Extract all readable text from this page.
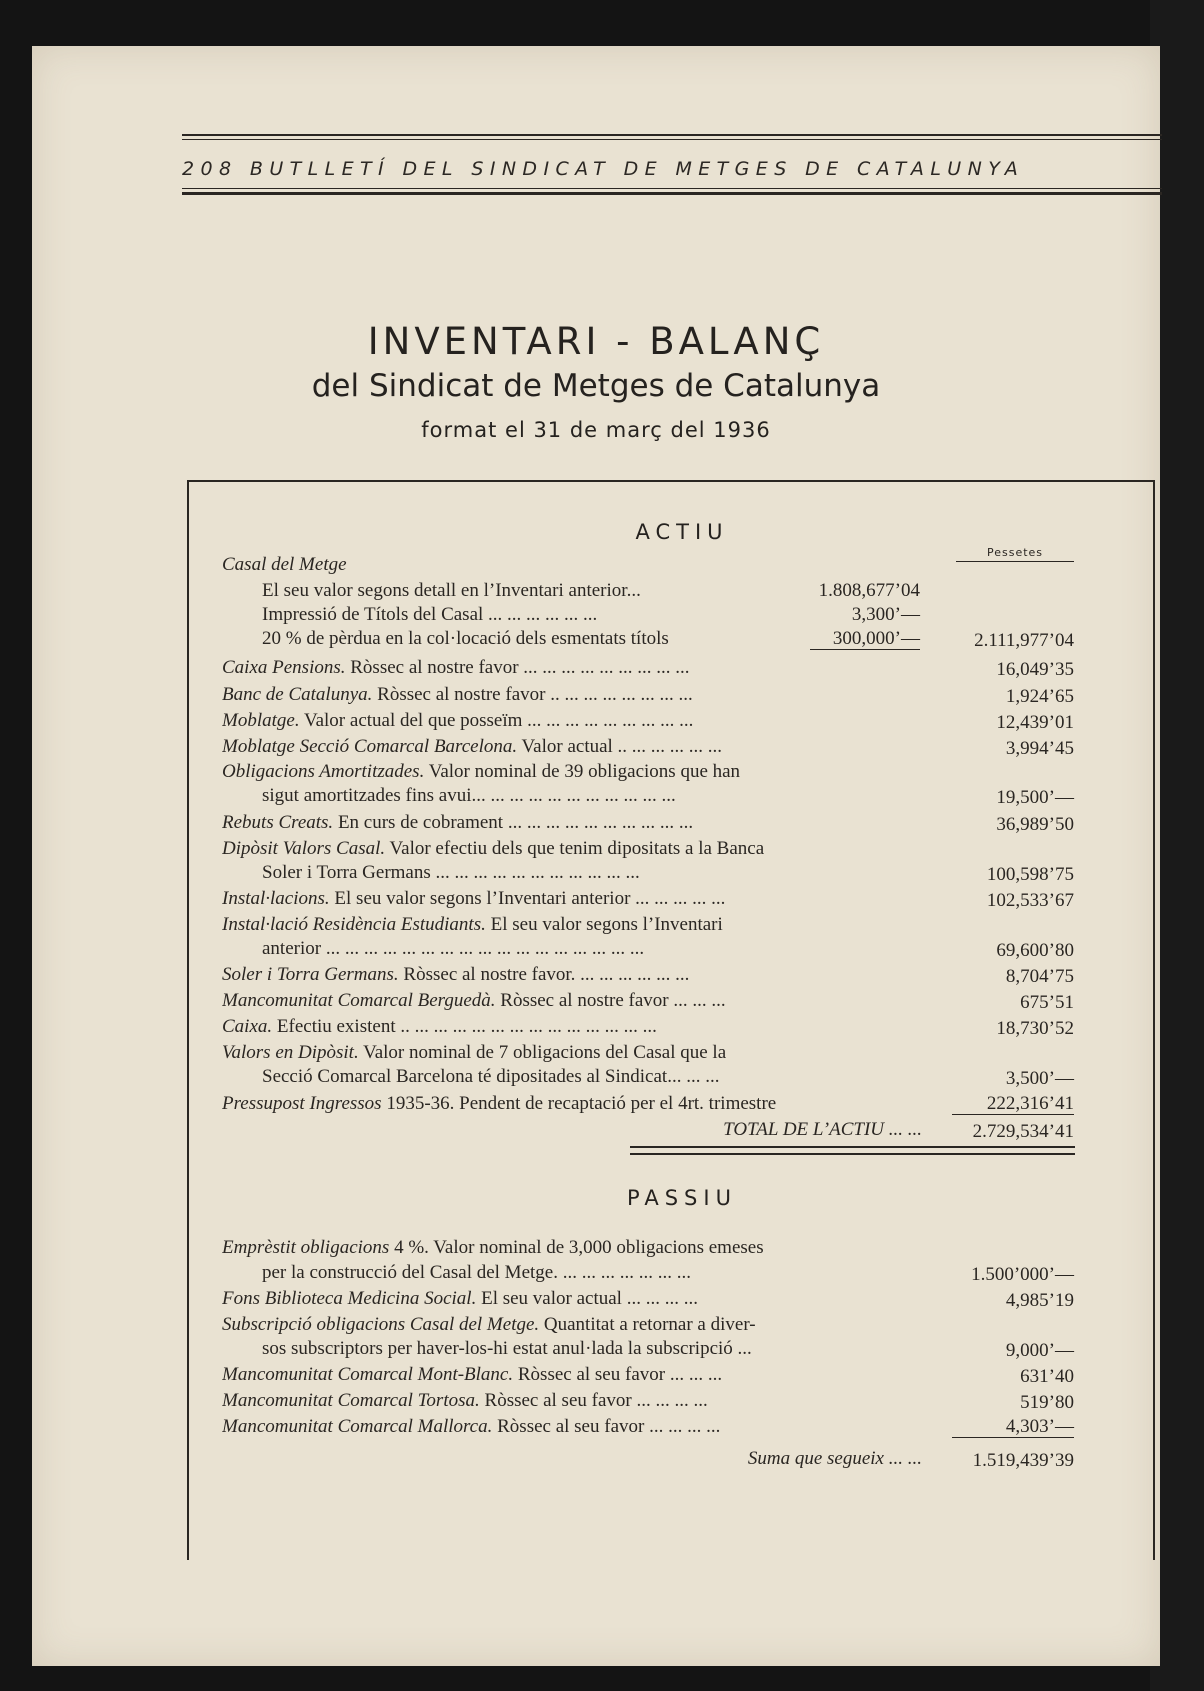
208 BUTLLETÍ DEL SINDICAT DE METGES DE CATALUNYA
INVENTARI - BALANÇ
del Sindicat de Metges de Catalunya
format el 31 de març del 1936
ACTIU
Pessetes
Casal del Metge
El seu valor segons detall en l’Inventari anterior...	1.808,677’04
Impressió de Títols del Casal ... ... ... ... ... ...	3,300’—
20 % de pèrdua en la col·locació dels esmentats títols	300,000’—	2.111,977’04
Caixa Pensions. Ròssec al nostre favor ... ... ... ... ... ... ... ... ...	16,049’35
Banc de Catalunya. Ròssec al nostre favor .. ... ... ... ... ... ... ...	1,924’65
Moblatge. Valor actual del que posseïm ... ... ... ... ... ... ... ... ...	12,439’01
Moblatge Secció Comarcal Barcelona. Valor actual .. ... ... ... ... ...	3,994’45
Obligacions Amortitzades. Valor nominal de 39 obligacions que han
sigut amortitzades fins avui... ... ... ... ... ... ... ... ... ... ...	19,500’—
Rebuts Creats. En curs de cobrament ... ... ... ... ... ... ... ... ... ...	36,989’50
Dipòsit Valors Casal. Valor efectiu dels que tenim dipositats a la Banca
Soler i Torra Germans ... ... ... ... ... ... ... ... ... ... ...	100,598’75
Instal·lacions. El seu valor segons l’Inventari anterior ... ... ... ... ...	102,533’67
Instal·lació Residència Estudiants. El seu valor segons l’Inventari
anterior ... ... ... ... ... ... ... ... ... ... ... ... ... ... ... ... ...	69,600’80
Soler i Torra Germans. Ròssec al nostre favor. ... ... ... ... ... ...	8,704’75
Mancomunitat Comarcal Berguedà. Ròssec al nostre favor ... ... ...	675’51
Caixa. Efectiu existent .. ... ... ... ... ... ... ... ... ... ... ... ... ...	18,730’52
Valors en Dipòsit. Valor nominal de 7 obligacions del Casal que la
Secció Comarcal Barcelona té dipositades al Sindicat... ... ...	3,500’—
Pressupost Ingressos 1935-36. Pendent de recaptació per el 4rt. trimestre	222,316’41
TOTAL DE L’ACTIU ... ...	2.729,534’41
PASSIU
Emprèstit obligacions 4 %. Valor nominal de 3,000 obligacions emeses
per la construcció del Casal del Metge. ... ... ... ... ... ... ...	1.500’000’—
Fons Biblioteca Medicina Social. El seu valor actual ... ... ... ...	4,985’19
Subscripció obligacions Casal del Metge. Quantitat a retornar a diver-
sos subscriptors per haver-los-hi estat anul·lada la subscripció ...	9,000’—
Mancomunitat Comarcal Mont-Blanc. Ròssec al seu favor ... ... ...	631’40
Mancomunitat Comarcal Tortosa. Ròssec al seu favor ... ... ... ...	519’80
Mancomunitat Comarcal Mallorca. Ròssec al seu favor ... ... ... ...	4,303’—
Suma que segueix ... ...	1.519,439’39
